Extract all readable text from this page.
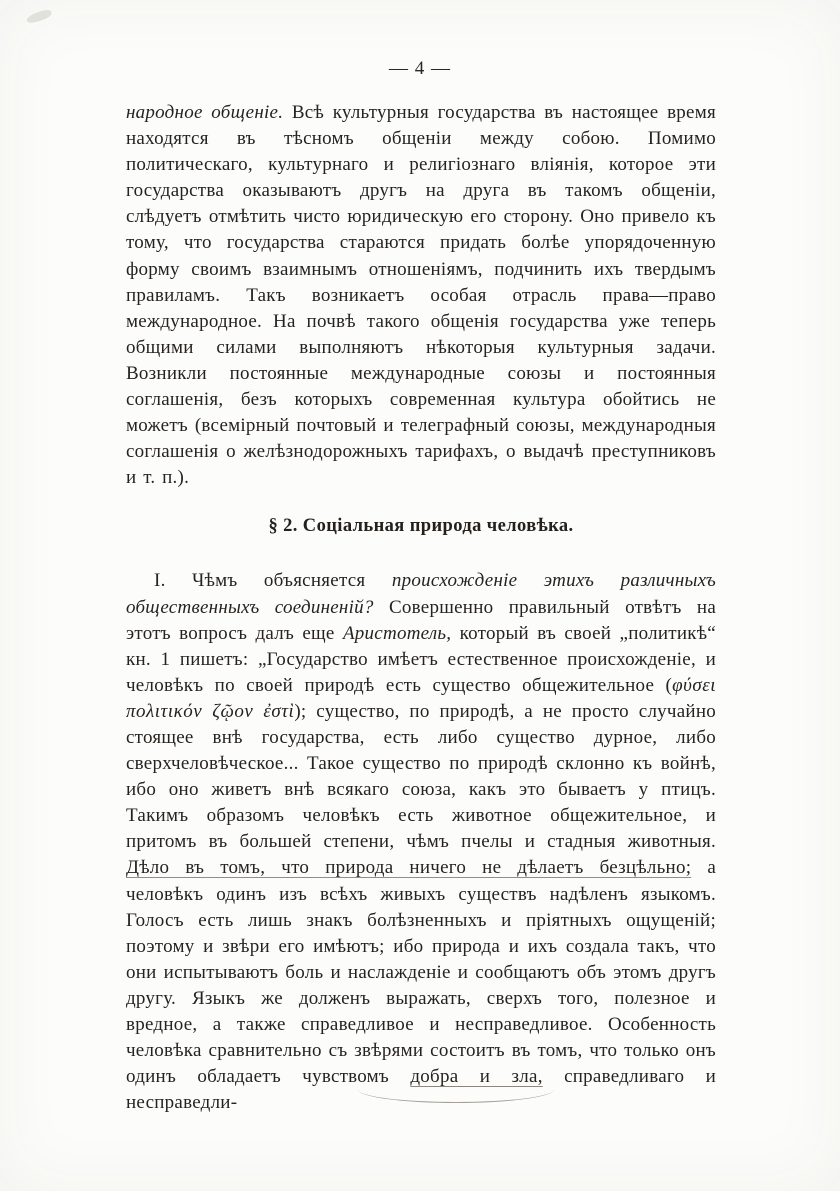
— 4 —

народное общеніе. Всѣ культурныя государства въ настоящее время находятся въ тѣсномъ общеніи между собою. Помимо политическаго, культурнаго и религіознаго вліянія, которое эти государства оказываютъ другъ на друга въ такомъ общеніи, слѣдуетъ отмѣтить чисто юридическую его сторону. Оно привело къ тому, что государства стараются придать болѣе упорядоченную форму своимъ взаимнымъ отношеніямъ, подчинить ихъ твердымъ правиламъ. Такъ возникаетъ особая отрасль права—право международное. На почвѣ такого общенія государства уже теперь общими силами выполняютъ нѣкоторыя культурныя задачи. Возникли постоянные международные союзы и постоянныя соглашенія, безъ которыхъ современная культура обойтись не можетъ (всемірный почтовый и телеграфный союзы, международныя соглашенія о желѣзнодорожныхъ тарифахъ, о выдачѣ преступниковъ и т. п.).

§ 2. Соціальная природа человѣка.

I. Чѣмъ объясняется происхожденіе этихъ различныхъ общественныхъ соединеній? Совершенно правильный отвѣтъ на этотъ вопросъ далъ еще Аристотель, который въ своей „политикѣ“ кн. 1 пишетъ: „Государство имѣетъ естественное происхожденіе, и человѣкъ по своей природѣ есть существо общежительное (φύσει πολιτικόν ζῷον ἐστὶ); существо, по природѣ, а не просто случайно стоящее внѣ государства, есть либо существо дурное, либо сверхчеловѣческое... Такое существо по природѣ склонно къ войнѣ, ибо оно живетъ внѣ всякаго союза, какъ это бываетъ у птицъ. Такимъ образомъ человѣкъ есть животное общежительное, и притомъ въ большей степени, чѣмъ пчелы и стадныя животныя. Дѣло въ томъ, что природа ничего не дѣлаетъ безцѣльно; а человѣкъ одинъ изъ всѣхъ живыхъ существъ надѣленъ языкомъ. Голосъ есть лишь знакъ болѣзненныхъ и пріятныхъ ощущеній; поэтому и звѣри его имѣютъ; ибо природа и ихъ создала такъ, что они испытываютъ боль и наслажденіе и сообщаютъ объ этомъ другъ другу. Языкъ же долженъ выражать, сверхъ того, полезное и вредное, а также справедливое и несправедливое. Особенность человѣка сравнительно съ звѣрями состоитъ въ томъ, что только онъ одинъ обладаетъ чувствомъ добра и зла, справедливаго и несправедли-
